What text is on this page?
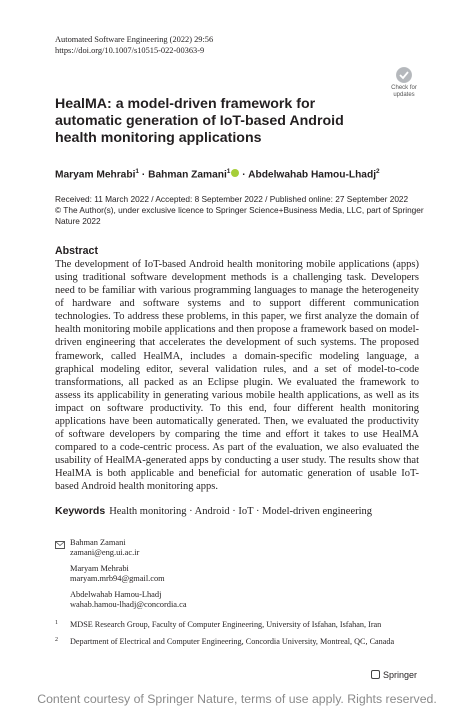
Automated Software Engineering (2022) 29:56
https://doi.org/10.1007/s10515-022-00363-9
Check for
updates
HealMA: a model-driven framework for automatic generation of IoT-based Android health monitoring applications
Maryam Mehrabi$^1$ · Bahman Zamani$^1$ · Abdelwahab Hamou-Lhadj$^2$
Received: 11 March 2022 / Accepted: 8 September 2022 / Published online: 27 September 2022
© The Author(s), under exclusive licence to Springer Science+Business Media, LLC, part of Springer Nature 2022
Abstract
The development of IoT-based Android health monitoring mobile applications (apps) using traditional software development methods is a challenging task. Developers need to be familiar with various programming languages to manage the heterogeneity of hardware and software systems and to support different communication technologies. To address these problems, in this paper, we first analyze the domain of health monitoring mobile applications and then propose a framework based on model-driven engineering that accelerates the development of such systems. The proposed framework, called HealMA, includes a domain-specific modeling language, a graphical modeling editor, several validation rules, and a set of model-to-code transformations, all packed as an Eclipse plugin. We evaluated the framework to assess its applicability in generating various mobile health applications, as well as its impact on software productivity. To this end, four different health monitoring applications have been automatically generated. Then, we evaluated the productivity of software developers by comparing the time and effort it takes to use HealMA compared to a code-centric process. As part of the evaluation, we also evaluated the usability of HealMA-generated apps by conducting a user study. The results show that HealMA is both applicable and beneficial for automatic generation of usable IoT-based Android health monitoring apps.
Keywords Health monitoring · Android · IoT · Model-driven engineering
Bahman Zamani
zamani@eng.ui.ac.ir
Maryam Mehrabi
maryam.mrb94@gmail.com
Abdelwahab Hamou-Lhadj
wahab.hamou-lhadj@concordia.ca
1 MDSE Research Group, Faculty of Computer Engineering, University of Isfahan, Isfahan, Iran
2 Department of Electrical and Computer Engineering, Concordia University, Montreal, QC, Canada
Springer
Content courtesy of Springer Nature, terms of use apply. Rights reserved.
